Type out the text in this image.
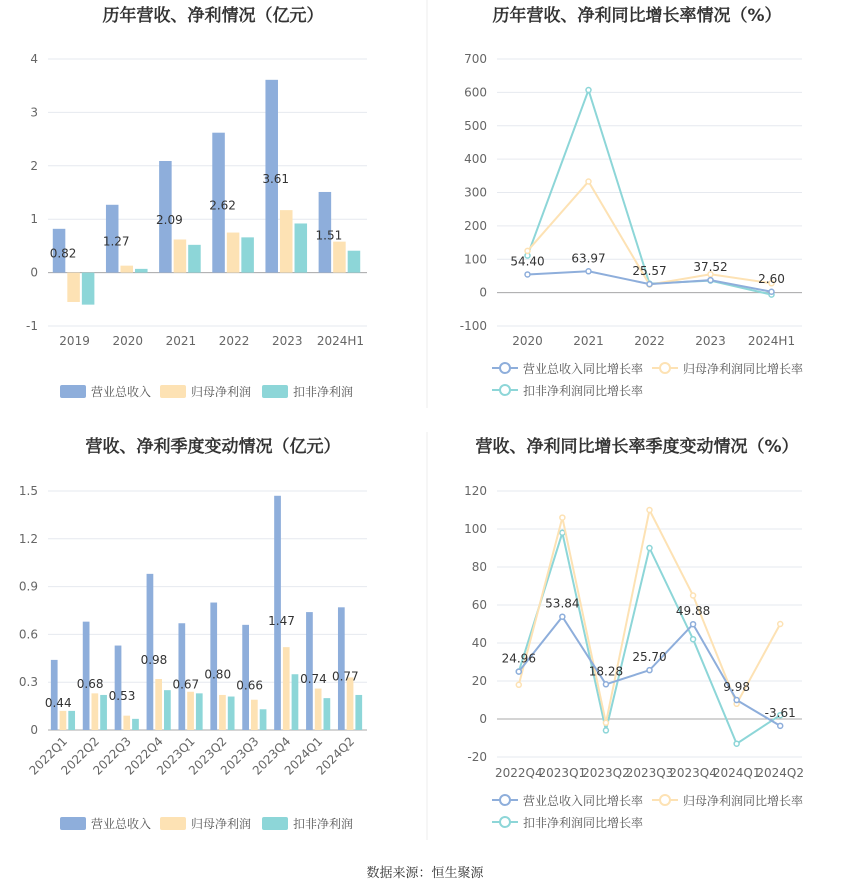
历年营收、净利情况（亿元）
-1
0
1
2
3
4
2019 2020 2021 2022 2023 2024H1
0.82
1.27
2.09
2.62
3.61
1.51
营业总收入	归母净利润	扣非净利润
历年营收、净利同比增长率情况（%）
-100
0
100
200
300
400
500
600
700
2020	2021	2022	2023 2024H1
54.40 63.97
25.57 37.52
2.60
营业总收入同比增长率	归母净利润同比增长率
扣非净利润同比增长率
营收、净利季度变动情况（亿元）
0
0.3
0.6
0.9
1.2
1.5
2022Q1
2022Q2
2022Q3
2022Q4
2023Q1
2023Q2
2023Q3
2023Q4
2024Q1
2024Q2
0.44
0.68
0.53
0.98
0.67
0.80
0.66
1.47
0.74 0.77
营业总收入	归母净利润	扣非净利润
营收、净利同比增长率季度变动情况（%）
-20
0
20
40
60
80
100
120
2022Q4
2023Q1
2023Q2
2023Q3
2023Q4
2024Q1
2024Q2
24.96
53.84
18.28
25.70
49.88
9.98
-3.61
营业总收入同比增长率	归母净利润同比增长率
扣非净利润同比增长率
数据来源：恒生聚源
